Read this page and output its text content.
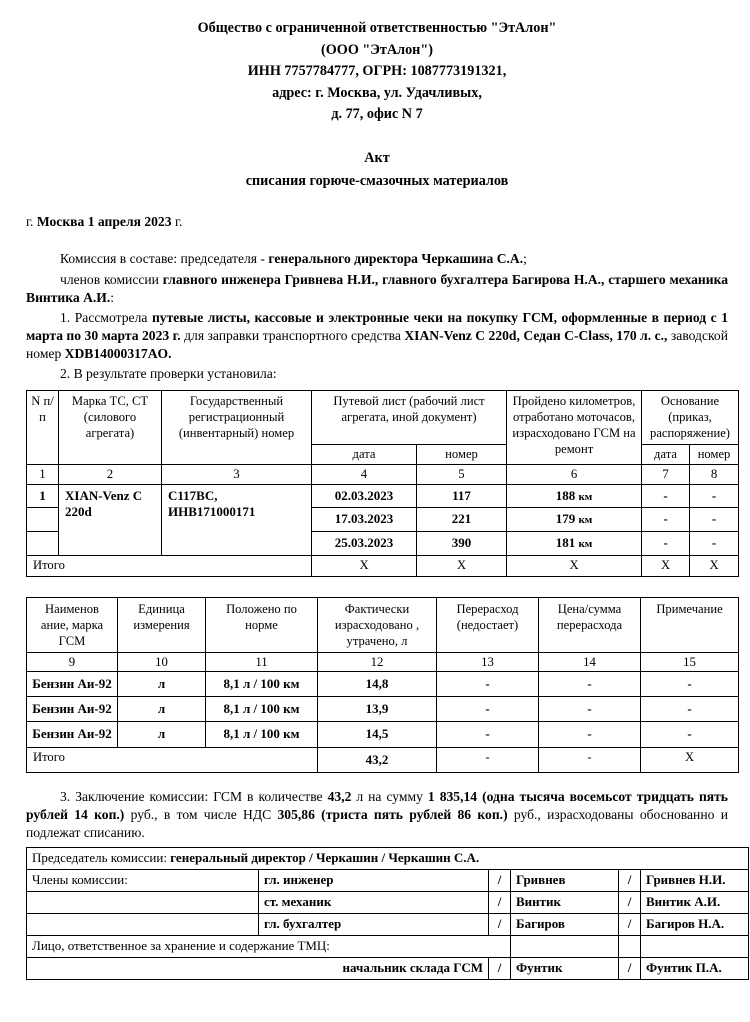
Общество с ограниченной ответственностью "ЭтАлон"
(ООО "ЭтАлон")
ИНН 7757784777, ОГРН: 1087773191321,
адрес: г. Москва, ул. Удачливых,
д. 77, офис N 7
Акт
списания горюче-смазочных материалов
г. Москва 1 апреля 2023 г.
Комиссия в составе: председателя - генерального директора Черкашина С.А.;
членов комиссии главного инженера Гривнева Н.И., главного бухгалтера Багирова Н.А., старшего механика Винтика А.И.:
1. Рассмотрела путевые листы, кассовые и электронные чеки на покупку ГСМ, оформленные в период с 1 марта по 30 марта 2023 г. для заправки транспортного средства XIAN-Venz C 220d, Седан C-Class, 170 л. с., заводской номер XDB14000317AO.
2. В результате проверки установила:
N п/ п	Марка ТС, СТ (силового агрегата)	Государственный регистрационный (инвентарный) номер	Путевой лист (рабочий лист агрегата, иной документ)		Пройдено километров, отработано моточасов, израсходовано ГСМ на ремонт	Основание (приказ, распоряжение)	
			дата	номер		дата	номер
1	2	3	4	5	6	7	8
1	XIAN-Venz C 220d	С117ВС, ИНВ171000171	02.03.2023	117	188 км	-	-
			17.03.2023	221	179 км	-	-
			25.03.2023	390	181 км	-	-
Итого			X	X	X	X	X
Наименов ание, марка ГСМ	Единица измерения	Положено по норме	Фактически израсходовано , утрачено, л	Перерасход (недостает)	Цена/сумма перерасхода	Примечание
9	10	11	12	13	14	15
Бензин Аи-92	л	8,1 л / 100 км	14,8	-	-	-
Бензин Аи-92	л	8,1 л / 100 км	13,9	-	-	-
Бензин Аи-92	л	8,1 л / 100 км	14,5	-	-	-
Итого			43,2	-	-	X
3. Заключение комиссии: ГСМ в количестве 43,2 л на сумму 1 835,14 (одна тысяча восемьсот тридцать пять рублей 14 коп.) руб., в том числе НДС 305,86 (триста пять рублей 86 коп.) руб., израсходованы обоснованно и подлежат списанию.
Председатель комиссии: генеральный директор / Черкашин / Черкашин С.А.					
Члены комиссии:	гл. инженер	/	Гривнев	/	Гривнев Н.И.
	ст. механик	/	Винтик	/	Винтик А.И.
	гл. бухгалтер	/	Багиров	/	Багиров Н.А.
Лицо, ответственное за хранение и содержание ТМЦ:					
начальник склада ГСМ		/	Фунтик	/	Фунтик П.А.
